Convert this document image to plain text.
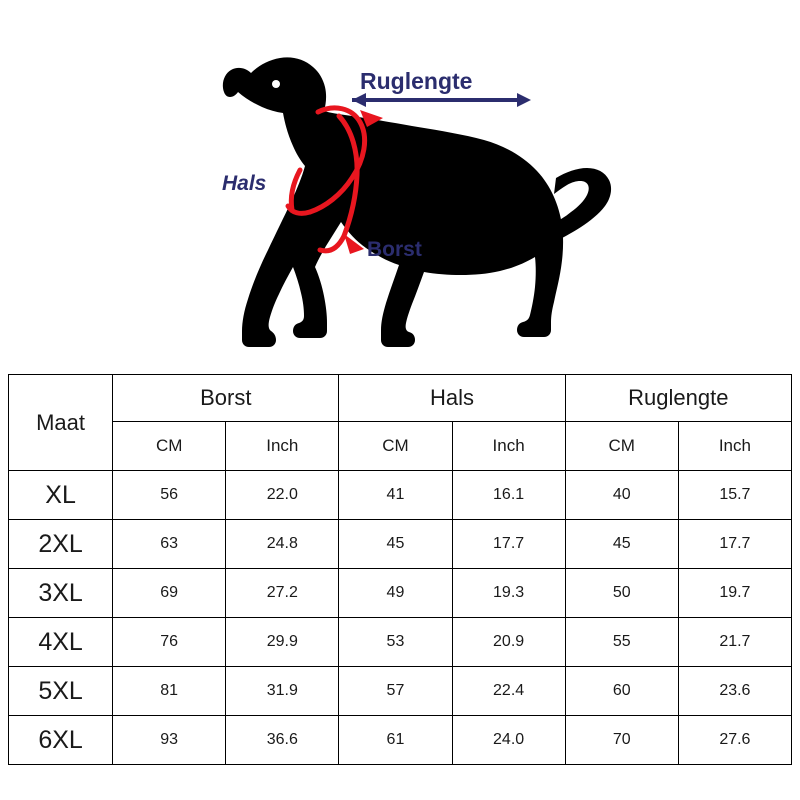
Ruglengte
Hals
Borst
Maat	Borst		Hals		Ruglengte	
	CM	Inch	CM	Inch	CM	Inch
XL	56	22.0	41	16.1	40	15.7
2XL	63	24.8	45	17.7	45	17.7
3XL	69	27.2	49	19.3	50	19.7
4XL	76	29.9	53	20.9	55	21.7
5XL	81	31.9	57	22.4	60	23.6
6XL	93	36.6	61	24.0	70	27.6
